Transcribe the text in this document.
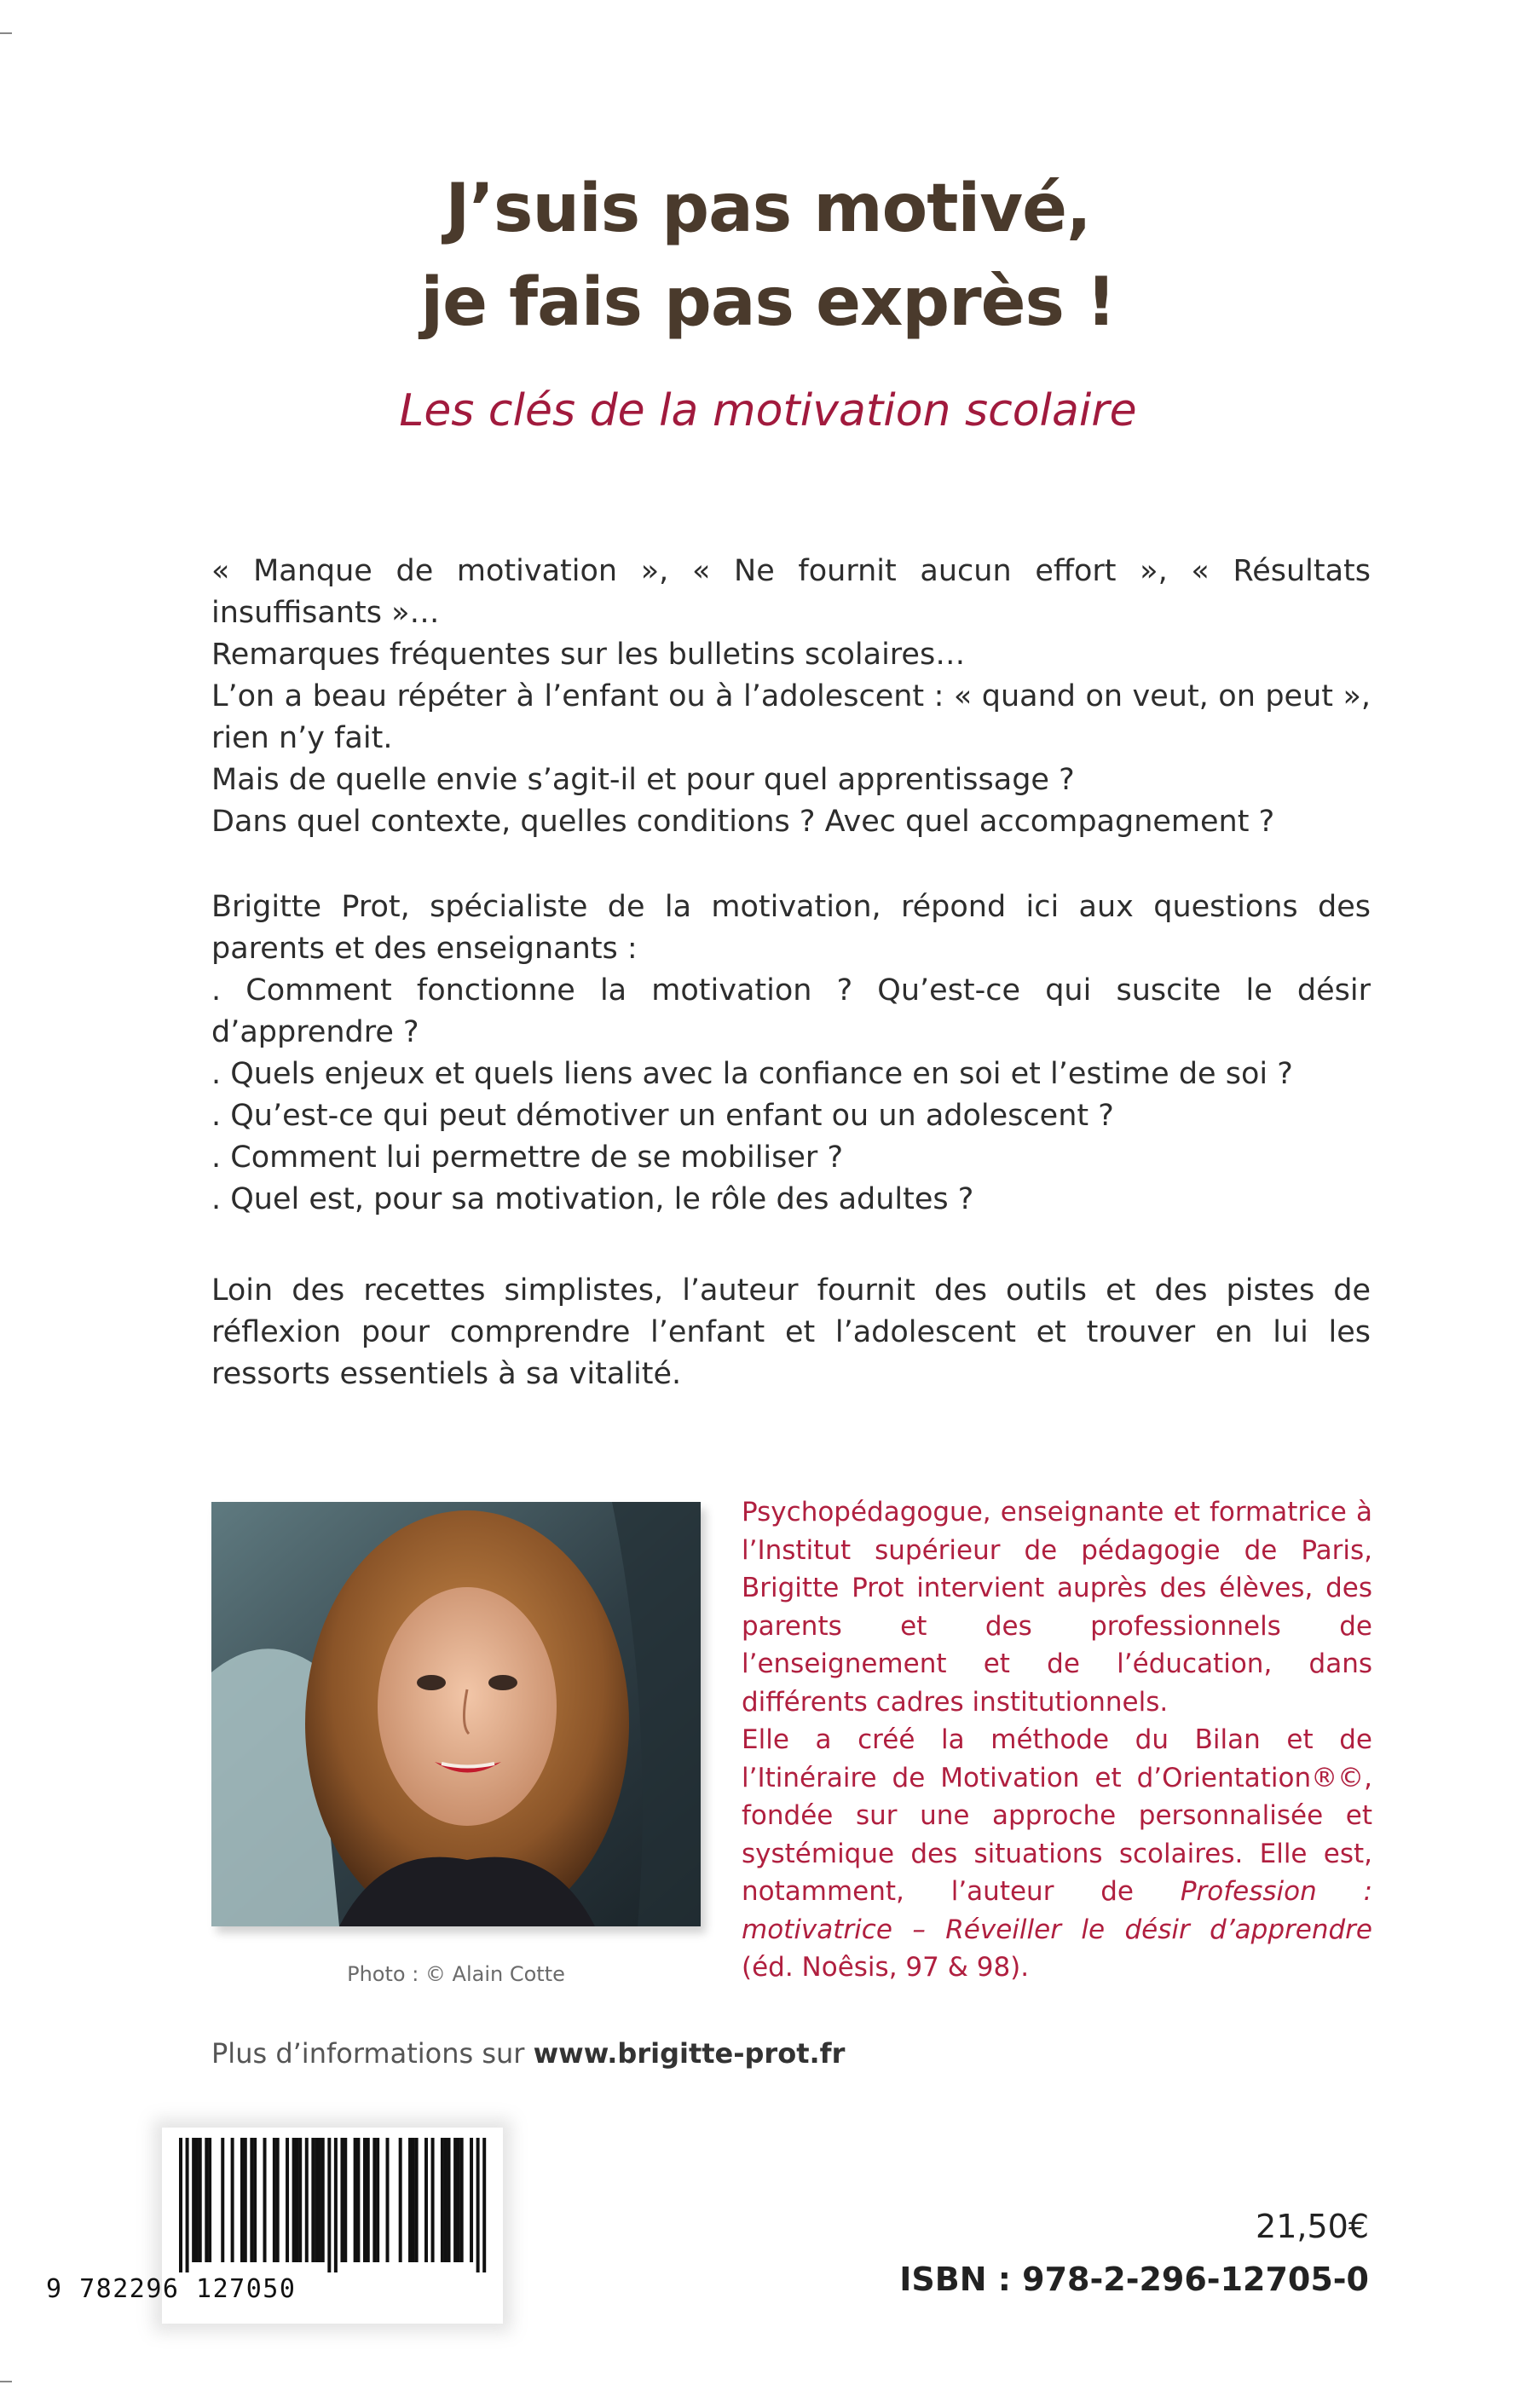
J’suis pas motivé,
je fais pas exprès !
Les clés de la motivation scolaire

« Manque de motivation », « Ne fournit aucun effort », « Résultats insuffisants »…

Remarques fréquentes sur les bulletins scolaires…

L’on a beau répéter à l’enfant ou à l’adolescent : « quand on veut, on peut », rien n’y fait.

Mais de quelle envie s’agit-il et pour quel apprentissage ?

Dans quel contexte, quelles conditions ? Avec quel accompagnement ?

Brigitte Prot, spécialiste de la motivation, répond ici aux questions des parents et des enseignants :

. Comment fonctionne la motivation ? Qu’est-ce qui suscite le désir d’apprendre ?

. Quels enjeux et quels liens avec la confiance en soi et l’estime de soi ?

. Qu’est-ce qui peut démotiver un enfant ou un adolescent ?

. Comment lui permettre de se mobiliser ?

. Quel est, pour sa motivation, le rôle des adultes ?

Loin des recettes simplistes, l’auteur fournit des outils et des pistes de réflexion pour comprendre l’enfant et l’adolescent et trouver en lui les ressorts essentiels à sa vitalité.

Photo : © Alain Cotte

Psychopédagogue, enseignante et formatrice à l’Institut supérieur de pédagogie de Paris, Brigitte Prot intervient auprès des élèves, des parents et des professionnels de l’enseignement et de l’éducation, dans différents cadres institutionnels.

Elle a créé la méthode du Bilan et de l’Itinéraire de Motivation et d’Orientation®©, fondée sur une approche personnalisée et systémique des situations scolaires. Elle est, notamment, l’auteur de Profession : motivatrice – Réveiller le désir d’apprendre (éd. Noêsis, 97 & 98).

Plus d’informations sur www.brigitte-prot.fr
9 782296 127050
21,50€
ISBN : 978-2-296-12705-0
